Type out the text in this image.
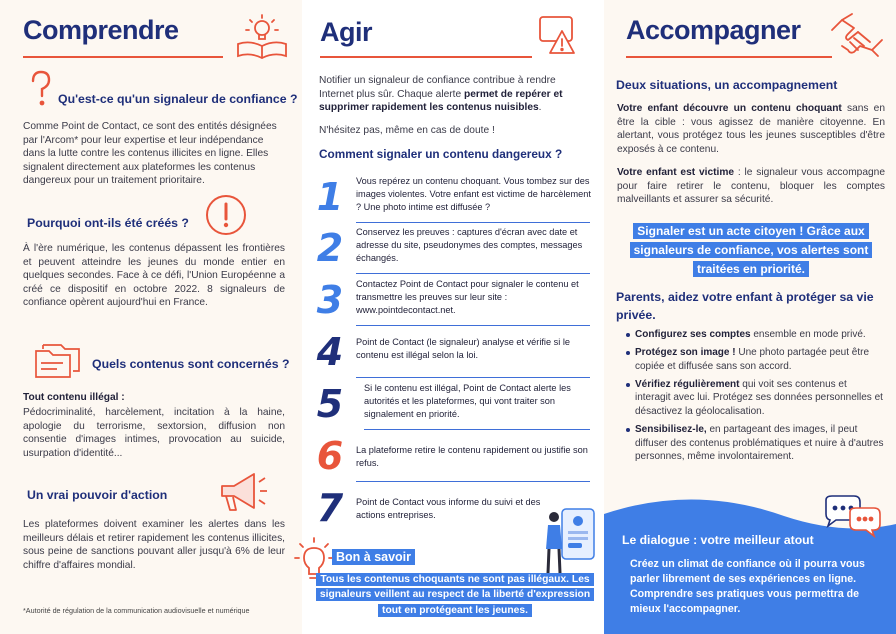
Comprendre
Qu'est-ce qu'un signaleur de confiance ?
Comme Point de Contact, ce sont des entités désignées par l'Arcom* pour leur expertise et leur indépendance dans la lutte contre les contenus illicites en ligne. Elles signalent directement aux plateformes les contenus dangereux pour un traitement prioritaire.
Pourquoi ont-ils été créés ?
À l'ère numérique, les contenus dépassent les frontières et peuvent atteindre les jeunes du monde entier en quelques secondes. Face à ce défi, l'Union Européenne a créé ce dispositif en octobre 2022. 8 signaleurs de confiance opèrent aujourd'hui en France.
Quels contenus sont concernés ?
Tout contenu illégal :
Pédocriminalité, harcèlement, incitation à la haine, apologie du terrorisme, sextorsion, diffusion non consentie d'images intimes, provocation au suicide, usurpation d'identité...
Un vrai pouvoir d'action
Les plateformes doivent examiner les alertes dans les meilleurs délais et retirer rapidement les contenus illicites, sous peine de sanctions pouvant aller jusqu'à 6% de leur chiffre d'affaires mondial.
*Autorité de régulation de la communication audiovisuelle et numérique
Agir
Notifier un signaleur de confiance contribue à rendre Internet plus sûr. Chaque alerte permet de repérer et supprimer rapidement les contenus nuisibles.
N'hésitez pas, même en cas de doute !
Comment signaler un contenu dangereux ?
1	Vous repérez un contenu choquant. Vous tombez sur des images violentes. Votre enfant est victime de harcèlement ? Une photo intime est diffusée ?
2	Conservez les preuves : captures d'écran avec date et adresse du site, pseudonymes des comptes, messages échangés.
3	Contactez Point de Contact pour signaler le contenu et transmettre les preuves sur leur site : www.pointdecontact.net.
4	Point de Contact (le signaleur) analyse et vérifie si le contenu est illégal selon la loi.
5	Si le contenu est illégal, Point de Contact alerte les autorités et les plateformes, qui vont traiter son signalement en priorité.
6	La plateforme retire le contenu rapidement ou justifie son refus.
7	Point de Contact vous informe du suivi et des actions entreprises.
Bon à savoir
Tous les contenus choquants ne sont pas illégaux. Les signaleurs veillent au respect de la liberté d'expression tout en protégeant les jeunes.
Accompagner
Deux situations, un accompagnement
Votre enfant découvre un contenu choquant sans en être la cible : vous agissez de manière citoyenne. En alertant, vous protégez tous les jeunes susceptibles d'être exposés à ce contenu.
Votre enfant est victime : le signaleur vous accompagne pour faire retirer le contenu, bloquer les comptes malveillants et assurer sa sécurité.
Signaler est un acte citoyen ! Grâce aux signaleurs de confiance, vos alertes sont traitées en priorité.
Parents, aidez votre enfant à protéger sa vie privée.
Configurez ses comptes ensemble en mode privé.
Protégez son image ! Une photo partagée peut être copiée et diffusée sans son accord.
Vérifiez régulièrement qui voit ses contenus et interagit avec lui. Protégez ses données personnelles et désactivez la géolocalisation.
Sensibilisez-le, en partageant des images, il peut diffuser des contenus problématiques et nuire à d'autres personnes, même involontairement.
Le dialogue : votre meilleur atout
Créez un climat de confiance où il pourra vous parler librement de ses expériences en ligne. Comprendre ses pratiques vous permettra de mieux l'accompagner.
